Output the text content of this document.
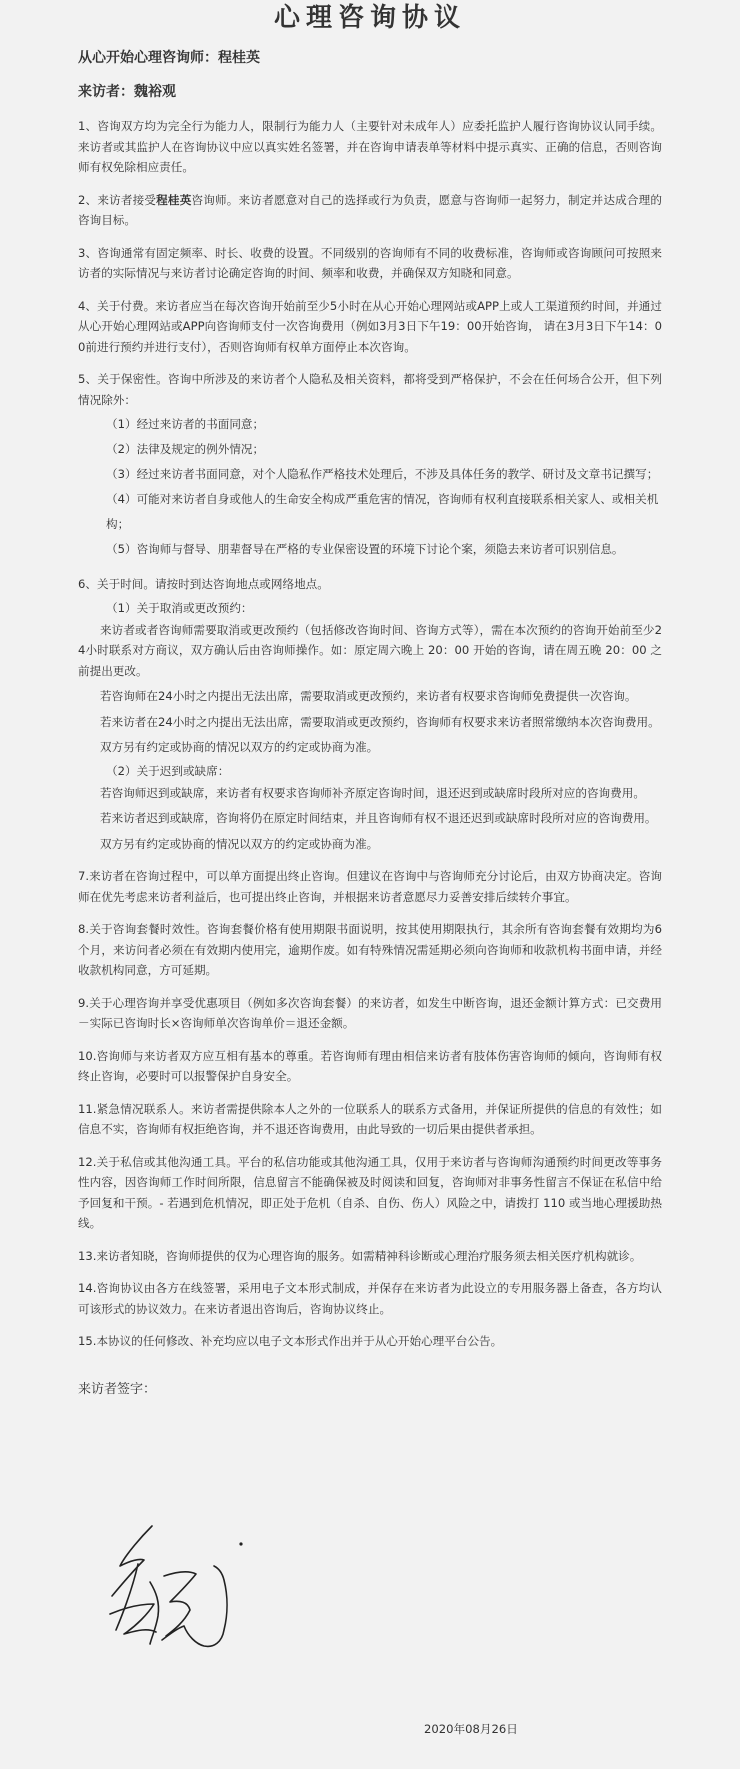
心理咨询协议
从心开始心理咨询师：程桂英
来访者：魏裕观

1、咨询双方均为完全行为能力人，限制行为能力人（主要针对未成年人）应委托监护人履行咨询协议认同手续。来访者或其监护人在咨询协议中应以真实姓名签署，并在咨询申请表单等材料中提示真实、正确的信息，否则咨询师有权免除相应责任。

2、来访者接受程桂英咨询师。来访者愿意对自己的选择或行为负责，愿意与咨询师一起努力，制定并达成合理的咨询目标。

3、咨询通常有固定频率、时长、收费的设置。不同级别的咨询师有不同的收费标准，咨询师或咨询顾问可按照来访者的实际情况与来访者讨论确定咨询的时间、频率和收费，并确保双方知晓和同意。

4、关于付费。来访者应当在每次咨询开始前至少5小时在从心开始心理网站或APP上或人工渠道预约时间，并通过从心开始心理网站或APP向咨询师支付一次咨询费用（例如3月3日下午19：00开始咨询， 请在3月3日下午14：00前进行预约并进行支付），否则咨询师有权单方面停止本次咨询。

5、关于保密性。咨询中所涉及的来访者个人隐私及相关资料，都将受到严格保护，不会在任何场合公开，但下列情况除外：

（1）经过来访者的书面同意；

（2）法律及规定的例外情况；

（3）经过来访者书面同意，对个人隐私作严格技术处理后，不涉及具体任务的教学、研讨及文章书记撰写；

（4）可能对来访者自身或他人的生命安全构成严重危害的情况，咨询师有权利直接联系相关家人、或相关机构；

（5）咨询师与督导、朋辈督导在严格的专业保密设置的环境下讨论个案，须隐去来访者可识别信息。

6、关于时间。请按时到达咨询地点或网络地点。

（1）关于取消或更改预约：

来访者或者咨询师需要取消或更改预约（包括修改咨询时间、咨询方式等），需在本次预约的咨询开始前至少24小时联系对方商议，双方确认后由咨询师操作。如：原定周六晚上 20：00 开始的咨询，请在周五晚 20：00 之前提出更改。

若咨询师在24小时之内提出无法出席，需要取消或更改预约，来访者有权要求咨询师免费提供一次咨询。

若来访者在24小时之内提出无法出席，需要取消或更改预约，咨询师有权要求来访者照常缴纳本次咨询费用。

双方另有约定或协商的情况以双方的约定或协商为准。

（2）关于迟到或缺席：

若咨询师迟到或缺席，来访者有权要求咨询师补齐原定咨询时间，退还迟到或缺席时段所对应的咨询费用。

若来访者迟到或缺席，咨询将仍在原定时间结束，并且咨询师有权不退还迟到或缺席时段所对应的咨询费用。

双方另有约定或协商的情况以双方的约定或协商为准。

7.来访者在咨询过程中，可以单方面提出终止咨询。但建议在咨询中与咨询师充分讨论后，由双方协商决定。咨询师在优先考虑来访者利益后，也可提出终止咨询，并根据来访者意愿尽力妥善安排后续转介事宜。

8.关于咨询套餐时效性。咨询套餐价格有使用期限书面说明，按其使用期限执行，其余所有咨询套餐有效期均为6个月，来访问者必须在有效期内使用完，逾期作废。如有特殊情况需延期必须向咨询师和收款机构书面申请，并经收款机构同意，方可延期。

9.关于心理咨询并享受优惠项目（例如多次咨询套餐）的来访者，如发生中断咨询，退还金额计算方式：已交费用－实际已咨询时长×咨询师单次咨询单价＝退还金额。

10.咨询师与来访者双方应互相有基本的尊重。若咨询师有理由相信来访者有肢体伤害咨询师的倾向，咨询师有权终止咨询，必要时可以报警保护自身安全。

11.紧急情况联系人。来访者需提供除本人之外的一位联系人的联系方式备用，并保证所提供的信息的有效性；如信息不实，咨询师有权拒绝咨询，并不退还咨询费用，由此导致的一切后果由提供者承担。

12.关于私信或其他沟通工具。平台的私信功能或其他沟通工具，仅用于来访者与咨询师沟通预约时间更改等事务性内容，因咨询师工作时间所限，信息留言不能确保被及时阅读和回复，咨询师对非事务性留言不保证在私信中给予回复和干预。- 若遇到危机情况，即正处于危机（自杀、自伤、伤人）风险之中，请拨打 110 或当地心理援助热线。

13.来访者知晓，咨询师提供的仅为心理咨询的服务。如需精神科诊断或心理治疗服务须去相关医疗机构就诊。

14.咨询协议由各方在线签署，采用电子文本形式制成，并保存在来访者为此设立的专用服务器上备查，各方均认可该形式的协议效力。在来访者退出咨询后，咨询协议终止。

15.本协议的任何修改、补充均应以电子文本形式作出并于从心开始心理平台公告。

来访者签字：
2020年08月26日
